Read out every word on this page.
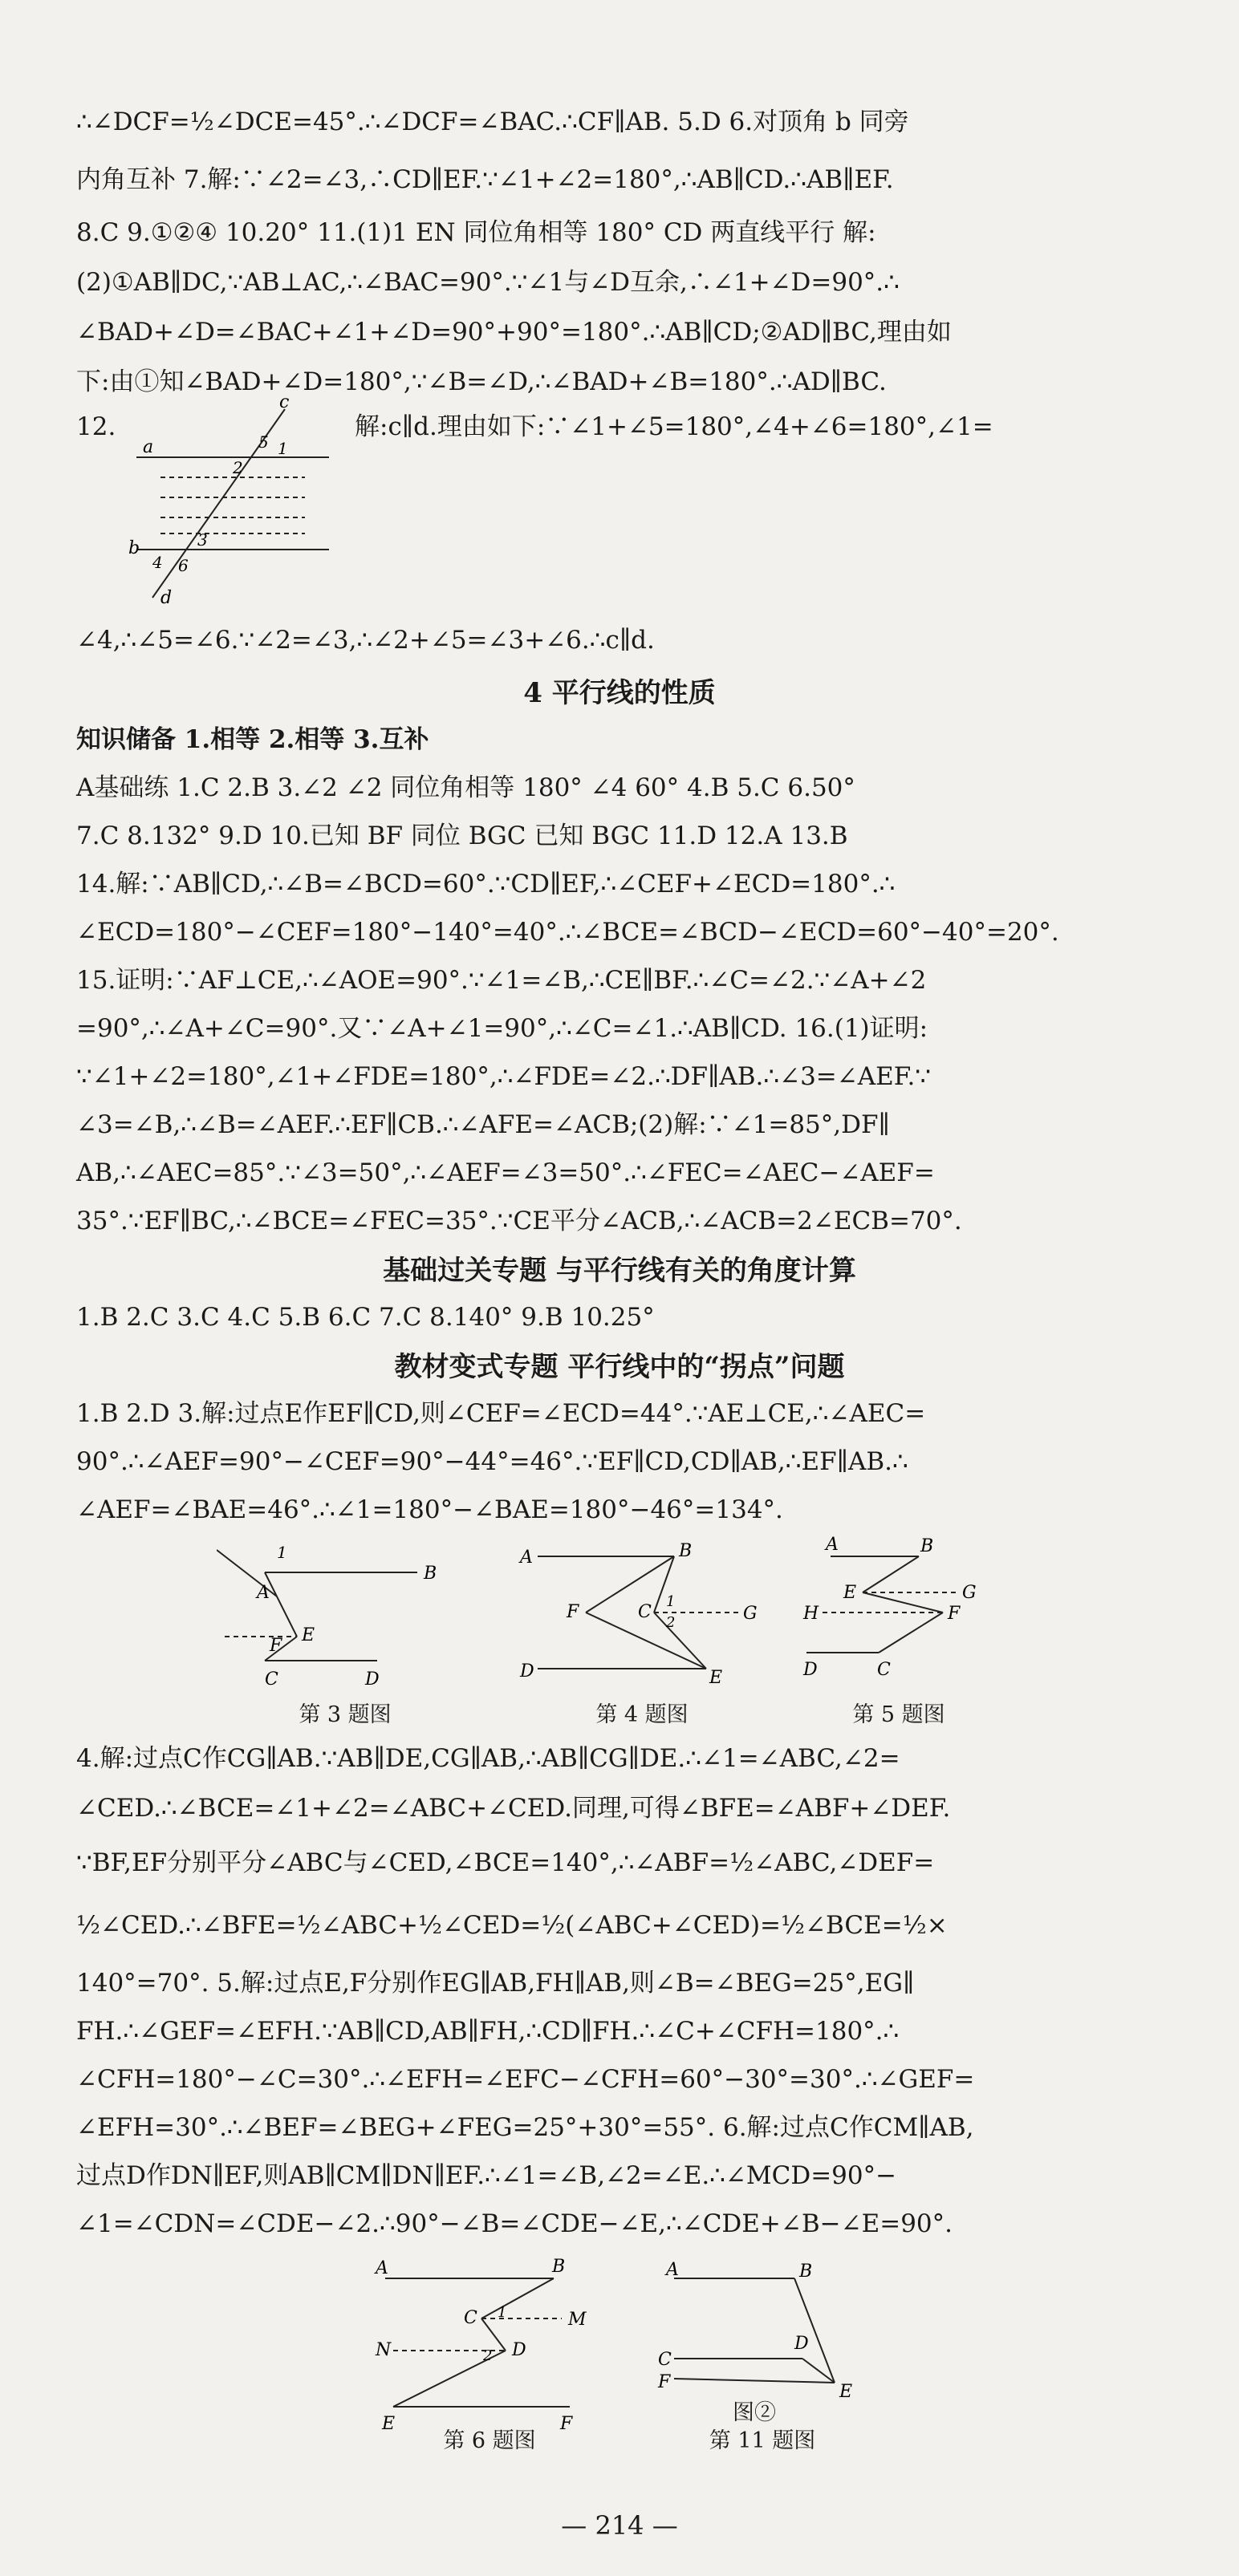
∴∠DCF=½∠DCE=45°.∴∠DCF=∠BAC.∴CF∥AB. 5.D 6.对顶角 b 同旁
内角互补 7.解:∵∠2=∠3,∴CD∥EF.∵∠1+∠2=180°,∴AB∥CD.∴AB∥EF.
8.C 9.①②④ 10.20° 11.(1)1 EN 同位角相等 180° CD 两直线平行 解:
(2)①AB∥DC,∵AB⊥AC,∴∠BAC=90°.∵∠1与∠D互余,∴∠1+∠D=90°.∴
∠BAD+∠D=∠BAC+∠1+∠D=90°+90°=180°.∴AB∥CD;②AD∥BC,理由如
下:由①知∠BAD+∠D=180°,∵∠B=∠D,∴∠BAD+∠B=180°.∴AD∥BC.
12.
a
b
c
d
5 1
2
3
4 6
解:c∥d.理由如下:∵∠1+∠5=180°,∠4+∠6=180°,∠1=
∠4,∴∠5=∠6.∵∠2=∠3,∴∠2+∠5=∠3+∠6.∴c∥d.
4 平行线的性质
知识储备 1.相等 2.相等 3.互补
A基础练 1.C 2.B 3.∠2 ∠2 同位角相等 180° ∠4 60° 4.B 5.C 6.50°
7.C 8.132° 9.D 10.已知 BF 同位 BGC 已知 BGC 11.D 12.A 13.B
14.解:∵AB∥CD,∴∠B=∠BCD=60°.∵CD∥EF,∴∠CEF+∠ECD=180°.∴
∠ECD=180°−∠CEF=180°−140°=40°.∴∠BCE=∠BCD−∠ECD=60°−40°=20°.
15.证明:∵AF⊥CE,∴∠AOE=90°.∵∠1=∠B,∴CE∥BF.∴∠C=∠2.∵∠A+∠2
=90°,∴∠A+∠C=90°.又∵∠A+∠1=90°,∴∠C=∠1.∴AB∥CD. 16.(1)证明:
∵∠1+∠2=180°,∠1+∠FDE=180°,∴∠FDE=∠2.∴DF∥AB.∴∠3=∠AEF.∵
∠3=∠B,∴∠B=∠AEF.∴EF∥CB.∴∠AFE=∠ACB;(2)解:∵∠1=85°,DF∥
AB,∴∠AEC=85°.∵∠3=50°,∴∠AEF=∠3=50°.∴∠FEC=∠AEC−∠AEF=
35°.∵EF∥BC,∴∠BCE=∠FEC=35°.∵CE平分∠ACB,∴∠ACB=2∠ECB=70°.
基础过关专题 与平行线有关的角度计算
1.B 2.C 3.C 4.C 5.B 6.C 7.C 8.140° 9.B 10.25°
教材变式专题 平行线中的“拐点”问题
1.B 2.D 3.解:过点E作EF∥CD,则∠CEF=∠ECD=44°.∵AE⊥CE,∴∠AEC=
90°.∴∠AEF=90°−∠CEF=90°−44°=46°.∵EF∥CD,CD∥AB,∴EF∥AB.∴
∠AEF=∠BAE=46°.∴∠1=180°−∠BAE=180°−46°=134°.
1
A
B
C	D
E
F
第 3 题图
A	B
D	E
F	C	G
1
2
第 4 题图
A	B
E	G
H	F
C
D
第 5 题图
4.解:过点C作CG∥AB.∵AB∥DE,CG∥AB,∴AB∥CG∥DE.∴∠1=∠ABC,∠2=
∠CED.∴∠BCE=∠1+∠2=∠ABC+∠CED.同理,可得∠BFE=∠ABF+∠DEF.
∵BF,EF分别平分∠ABC与∠CED,∠BCE=140°,∴∠ABF=½∠ABC,∠DEF=
½∠CED.∴∠BFE=½∠ABC+½∠CED=½(∠ABC+∠CED)=½∠BCE=½×
140°=70°. 5.解:过点E,F分别作EG∥AB,FH∥AB,则∠B=∠BEG=25°,EG∥
FH.∴∠GEF=∠EFH.∵AB∥CD,AB∥FH,∴CD∥FH.∴∠C+∠CFH=180°.∴
∠CFH=180°−∠C=30°.∴∠EFH=∠EFC−∠CFH=60°−30°=30°.∴∠GEF=
∠EFH=30°.∴∠BEF=∠BEG+∠FEG=25°+30°=55°. 6.解:过点C作CM∥AB,
过点D作DN∥EF,则AB∥CM∥DN∥EF.∴∠1=∠B,∠2=∠E.∴∠MCD=90°−
∠1=∠CDN=∠CDE−∠2.∴90°−∠B=∠CDE−∠E,∴∠CDE+∠B−∠E=90°.
A	B
C
D
E	F
M
N
1
2
第 6 题图
A	B
C
D
E
F
图②
第 11 题图
— 214 —
